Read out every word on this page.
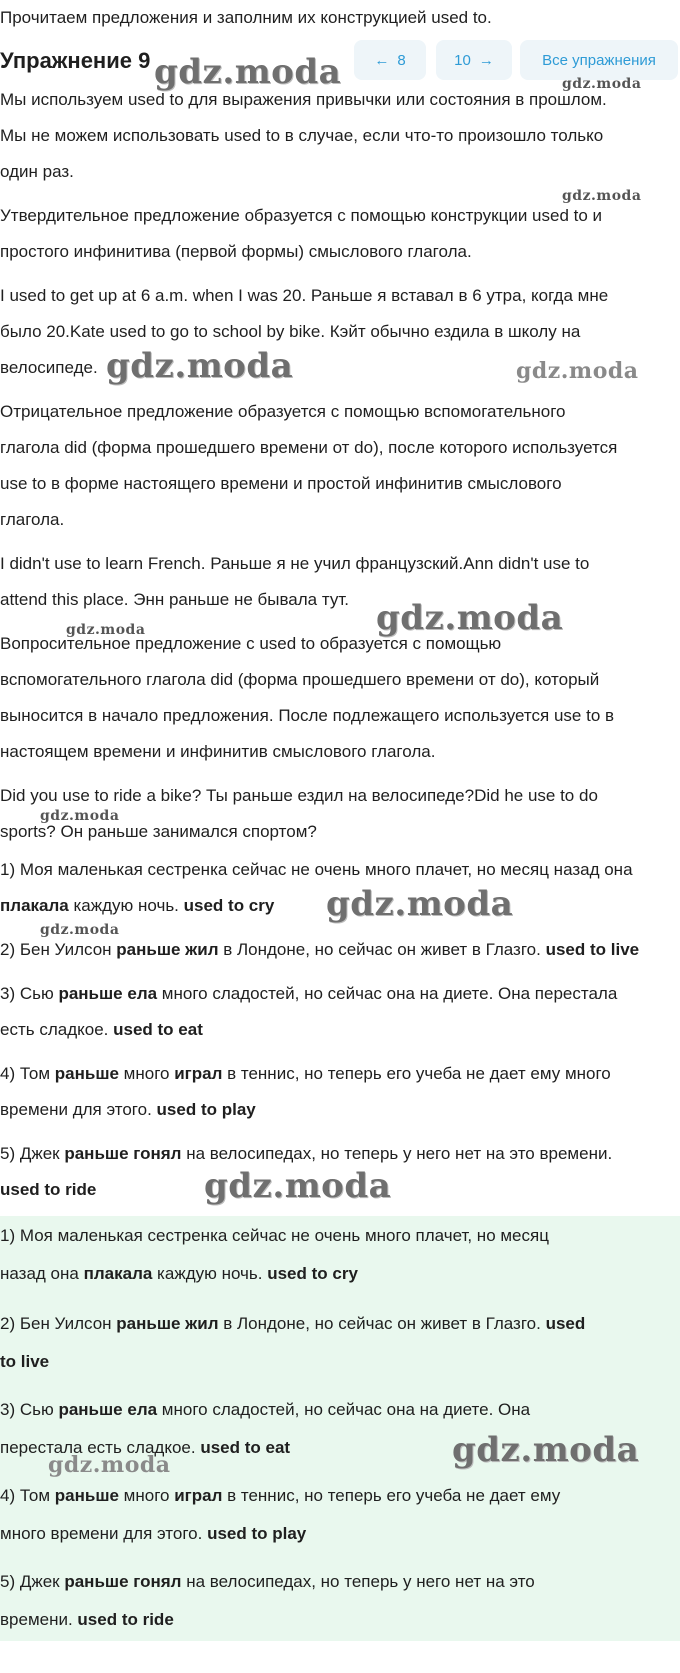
Прочитаем предложения и заполним их конструкцией used to.
Упражнение 9	← 8	10 →	Все упражнения
Мы используем used to для выражения привычки или состояния в прошлом.
Мы не можем использовать used to в случае, если что-то произошло только
один раз.
Утвердительное предложение образуется с помощью конструкции used to и
простого инфинитива (первой формы) смыслового глагола.
I used to get up at 6 a.m. when I was 20. Раньше я вставал в 6 утра, когда мне
было 20.Kate used to go to school by bike. Кэйт обычно ездила в школу на
велосипеде.
Отрицательное предложение образуется с помощью вспомогательного
глагола did (форма прошедшего времени от do), после которого используется
use to в форме настоящего времени и простой инфинитив смыслового
глагола.
I didn't use to learn French. Раньше я не учил французский.Ann didn't use to
attend this place. Энн раньше не бывала тут.
Вопросительное предложение с used to образуется с помощью
вспомогательного глагола did (форма прошедшего времени от do), который
выносится в начало предложения. После подлежащего используется use to в
настоящем времени и инфинитив смыслового глагола.
Did you use to ride a bike? Ты раньше ездил на велосипеде?Did he use to do
sports? Он раньше занимался спортом?
1) Моя маленькая сестренка сейчас не очень много плачет, но месяц назад она
плакала каждую ночь. used to cry
2) Бен Уилсон раньше жил в Лондоне, но сейчас он живет в Глазго. used to live
3) Сью раньше ела много сладостей, но сейчас она на диете. Она перестала
есть сладкое. used to eat
4) Том раньше много играл в теннис, но теперь его учеба не дает ему много
времени для этого. used to play
5) Джек раньше гонял на велосипедах, но теперь у него нет на это времени.
used to ride
1) Моя маленькая сестренка сейчас не очень много плачет, но месяц
назад она плакала каждую ночь. used to cry
2) Бен Уилсон раньше жил в Лондоне, но сейчас он живет в Глазго. used
to live
3) Сью раньше ела много сладостей, но сейчас она на диете. Она
перестала есть сладкое. used to eat
4) Том раньше много играл в теннис, но теперь его учеба не дает ему
много времени для этого. used to play
5) Джек раньше гонял на велосипедах, но теперь у него нет на это
времени. used to ride
gdz.moda	gdz.moda
gdz.moda
gdz.moda	gdz.moda
gdz.moda
gdz.moda
gdz.moda
gdz.moda
gdz.moda
gdz.moda
gdz.moda
gdz.moda
